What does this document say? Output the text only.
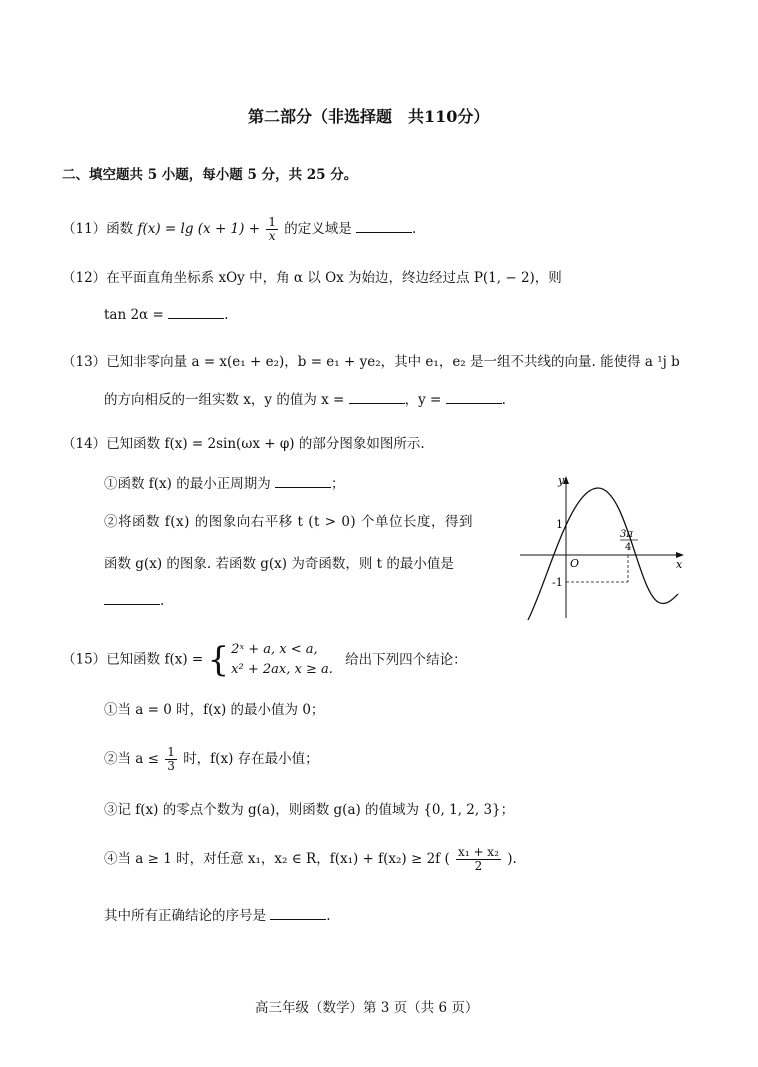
第二部分（非选择题　共110分）
二、填空题共 5 小题，每小题 5 分，共 25 分。
（11）函数 $f(x) = \lg (x + 1) + \frac{1}{x}$ 的定义域是	.
（12）在平面直角坐标系 xOy 中，角 α 以 Ox 为始边，终边经过点 P(1, − 2)，则
tan 2α =	.
（13）已知非零向量 a = x(e₁ + e₂)，b = e₁ + ye₂，其中 e₁，e₂ 是一组不共线的向量. 能使得 a ¹j b
的方向相反的一组实数 x，y 的值为 x =	，y =	.
（14）已知函数 f(x) = 2sin(ωx + φ) 的部分图象如图所示.
①函数 f(x) 的最小正周期为	；
②将函数 f(x) 的图象向右平移 t (t > 0) 个单位长度，得到
函数 g(x) 的图象. 若函数 g(x) 为奇函数，则 t 的最小值是
.
y
x
O
1
-1
3π
4
（15）已知函数 f(x) = { 2ˣ + a, x < a,
x² + 2ax, x ≥ a.
给出下列四个结论：
①当 a = 0 时，f(x) 的最小值为 0；
②当 $a \le \frac{1}{3}$ 时，f(x) 存在最小值；
③记 f(x) 的零点个数为 g(a)，则函数 g(a) 的值域为 {0, 1, 2, 3}；
④当 a ≥ 1 时，对任意 x₁，x₂ ∈ R，f(x₁) + f(x₂) ≥ 2f ( $\frac{\text{x₁ + x₂}}{2}$ ).
其中所有正确结论的序号是	.
高三年级（数学）第 3 页（共 6 页）
